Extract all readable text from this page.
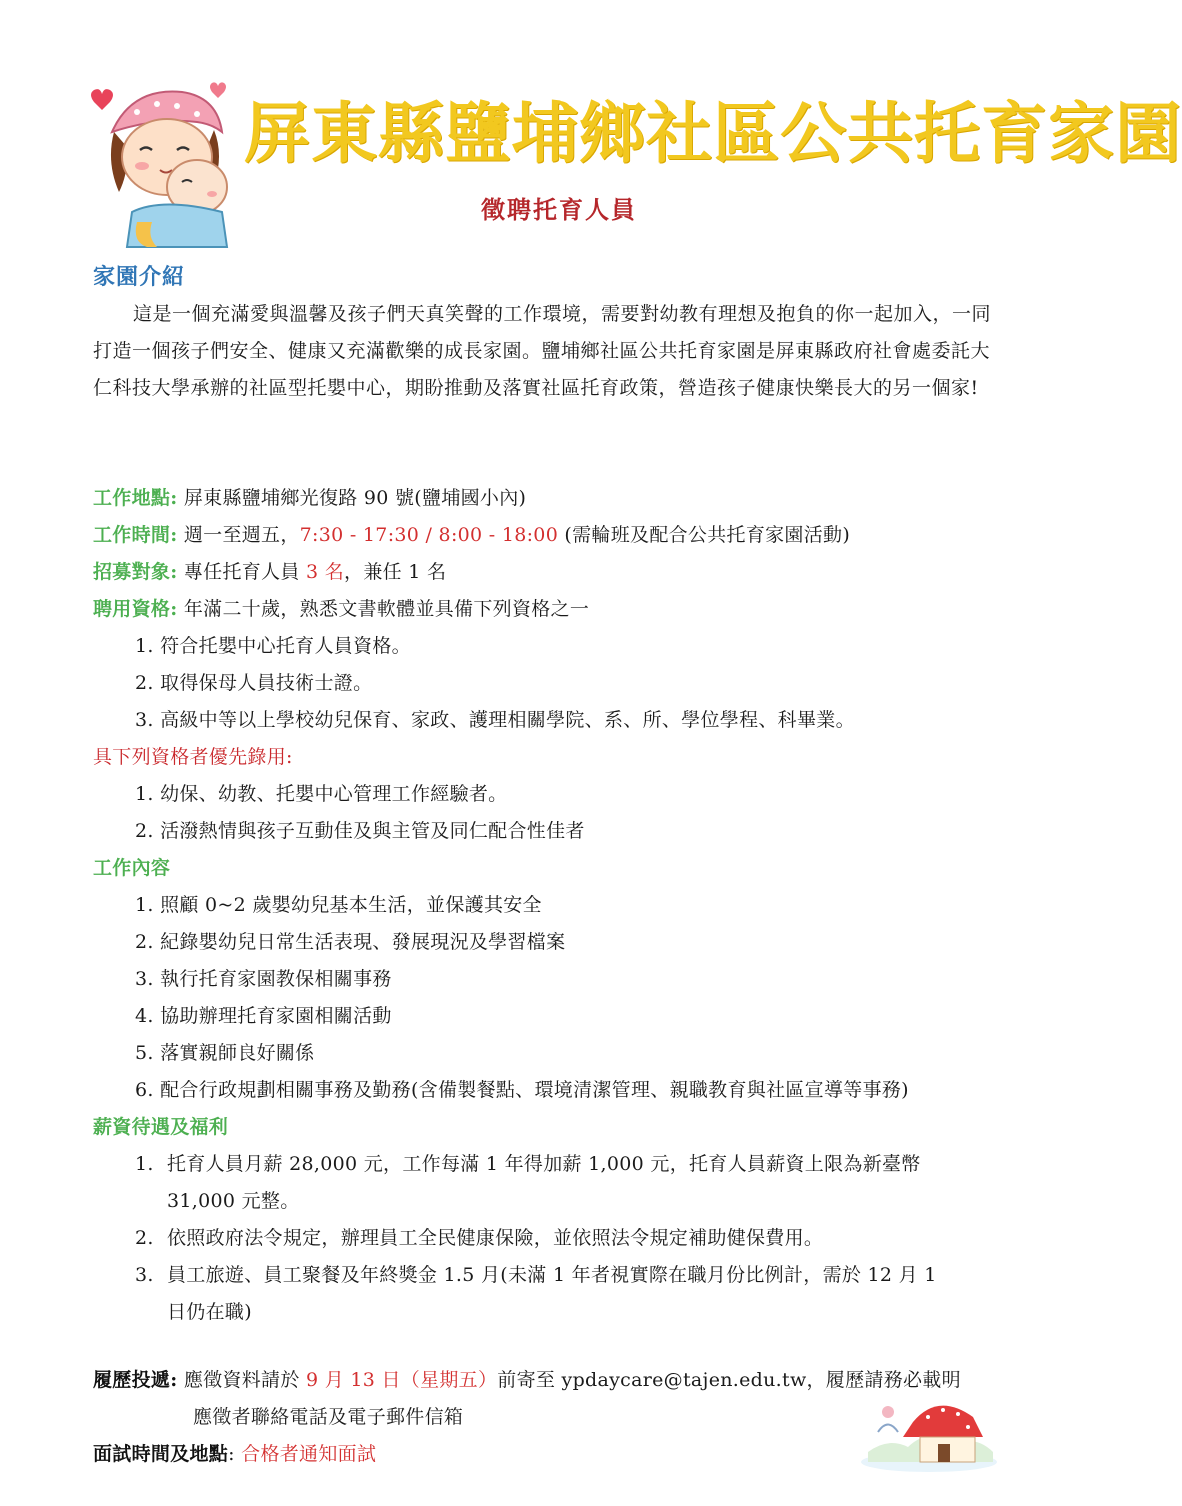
屏東縣鹽埔鄉社區公共托育家園
徵聘托育人員
家園介紹
這是一個充滿愛與溫馨及孩子們天真笑聲的工作環境，需要對幼教有理想及抱負的你一起加入，一同打造一個孩子們安全、健康又充滿歡樂的成長家園。鹽埔鄉社區公共托育家園是屏東縣政府社會處委託大仁科技大學承辦的社區型托嬰中心，期盼推動及落實社區托育政策，營造孩子健康快樂長大的另一個家!
工作地點: 屏東縣鹽埔鄉光復路 90 號(鹽埔國小內)
工作時間: 週一至週五，7:30 - 17:30 / 8:00 - 18:00 (需輪班及配合公共托育家園活動)
招募對象: 專任托育人員 3 名，兼任 1 名
聘用資格: 年滿二十歲，熟悉文書軟體並具備下列資格之一
1. 符合托嬰中心托育人員資格。
2. 取得保母人員技術士證。
3. 高級中等以上學校幼兒保育、家政、護理相關學院、系、所、學位學程、科畢業。
具下列資格者優先錄用:
1. 幼保、幼教、托嬰中心管理工作經驗者。
2. 活潑熱情與孩子互動佳及與主管及同仁配合性佳者
工作內容
1. 照顧 0~2 歲嬰幼兒基本生活，並保護其安全
2. 紀錄嬰幼兒日常生活表現、發展現況及學習檔案
3. 執行托育家園教保相關事務
4. 協助辦理托育家園相關活動
5. 落實親師良好關係
6. 配合行政規劃相關事務及勤務(含備製餐點、環境清潔管理、親職教育與社區宣導等事務)
薪資待遇及福利
1. 托育人員月薪 28,000 元，工作每滿 1 年得加薪 1,000 元，托育人員薪資上限為新臺幣
31,000 元整。
2. 依照政府法令規定，辦理員工全民健康保險，並依照法令規定補助健保費用。
3. 員工旅遊、員工聚餐及年終獎金 1.5 月(未滿 1 年者視實際在職月份比例計，需於 12 月 1
日仍在職)
履歷投遞: 應徵資料請於 9 月 13 日（星期五）前寄至 ypdaycare@tajen.edu.tw，履歷請務必載明
應徵者聯絡電話及電子郵件信箱
面試時間及地點: 合格者通知面試
